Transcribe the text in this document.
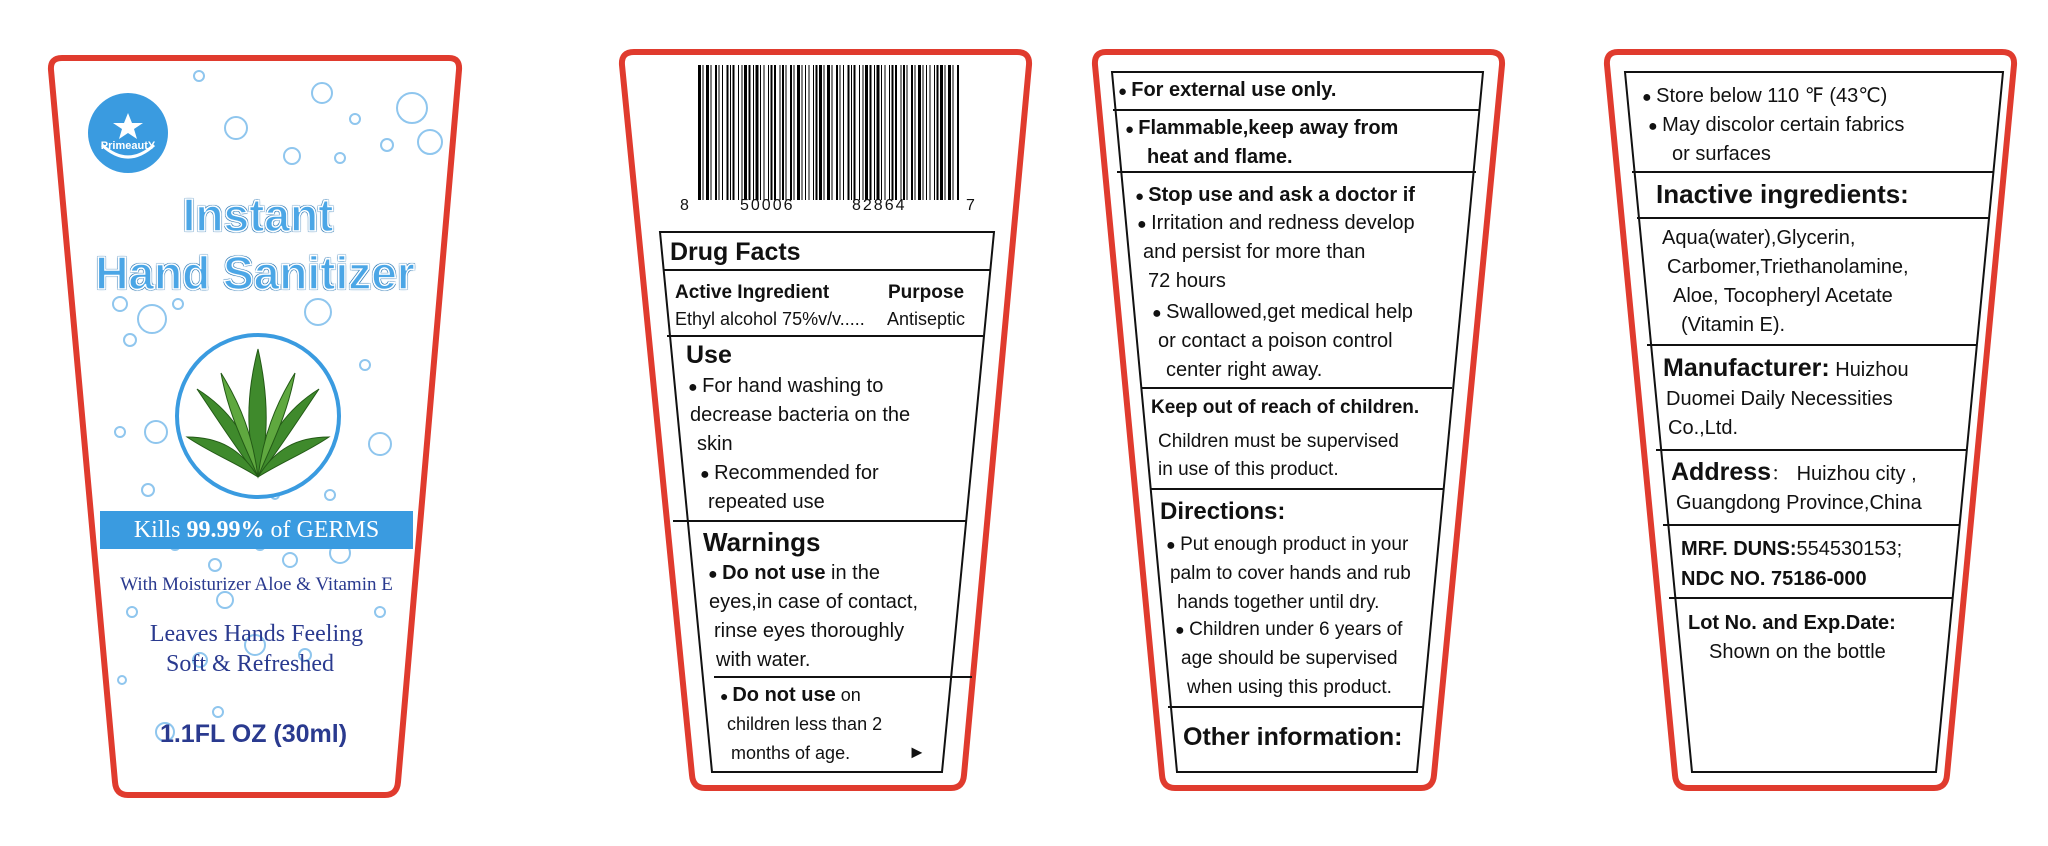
PrimeautY
Instant
Hand Sanitizer
Kills 99.99% of GERMS
With Moisturizer Aloe & Vitamin E
Leaves Hands Feeling
Soft & Refreshed
1.1FL OZ (30ml)
8	50006	82864	7
Drug Facts
Active Ingredient	Purpose
Ethyl alcohol 75%v/v..... Antiseptic
Use
● For hand washing to
decrease bacteria on the
skin
● Recommended for
repeated use
Warnings
● Do not use in the
eyes,in case of contact,
rinse eyes thoroughly
with water.
● Do not use on
children less than 2
months of age.	►
● For external use only.
● Flammable,keep away from
heat and flame.
● Stop use and ask a doctor if
● Irritation and redness develop
and persist for more than
72 hours
● Swallowed,get medical help
or contact a poison control
center right away.
Keep out of reach of children.
Children must be supervised
in use of this product.
Directions:
● Put enough product in your
palm to cover hands and rub
hands together until dry.
● Children under 6 years of
age should be supervised
when using this product.
Other information:
● Store below 110 ℉ (43℃)
● May discolor certain fabrics
or surfaces
Inactive ingredients:
Aqua(water),Glycerin,
Carbomer,Triethanolamine,
Aloe, Tocopheryl Acetate
(Vitamin E).
Manufacturer: Huizhou
Duomei Daily Necessities
Co.,Ltd.
Address： Huizhou city ,
Guangdong Province,China
MRF. DUNS:554530153;
NDC NO. 75186-000
Lot No. and Exp.Date:
Shown on the bottle
